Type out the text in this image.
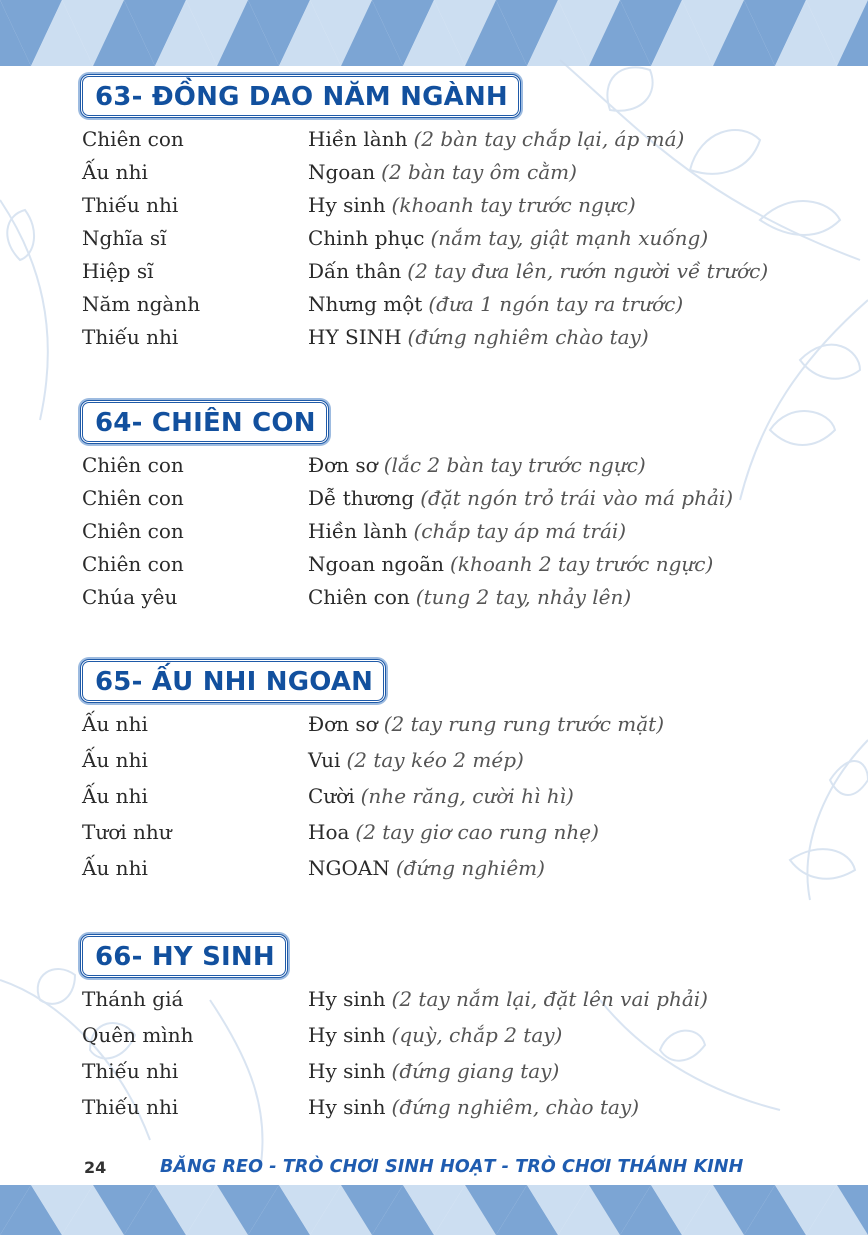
63- ĐỒNG DAO NĂM NGÀNH
Chiên con	Hiền lành (2 bàn tay chắp lại, áp má)
Ấu nhi	Ngoan (2 bàn tay ôm cằm)
Thiếu nhi	Hy sinh (khoanh tay trước ngực)
Nghĩa sĩ	Chinh phục (nắm tay, giật mạnh xuống)
Hiệp sĩ	Dấn thân (2 tay đưa lên, rướn người về trước)
Năm ngành	Nhưng một (đưa 1 ngón tay ra trước)
Thiếu nhi	HY SINH (đứng nghiêm chào tay)
64- CHIÊN CON
Chiên con	Đơn sơ (lắc 2 bàn tay trước ngực)
Chiên con	Dễ thương (đặt ngón trỏ trái vào má phải)
Chiên con	Hiền lành (chắp tay áp má trái)
Chiên con	Ngoan ngoãn (khoanh 2 tay trước ngực)
Chúa yêu	Chiên con (tung 2 tay, nhảy lên)
65- ẤU NHI NGOAN
Ấu nhi	Đơn sơ (2 tay rung rung trước mặt)
Ấu nhi	Vui (2 tay kéo 2 mép)
Ấu nhi	Cười (nhe răng, cười hì hì)
Tươi như	Hoa (2 tay giơ cao rung nhẹ)
Ấu nhi	NGOAN (đứng nghiêm)
66- HY SINH
Thánh giá	Hy sinh (2 tay nắm lại, đặt lên vai phải)
Quên mình	Hy sinh (quỳ, chắp 2 tay)
Thiếu nhi	Hy sinh (đứng giang tay)
Thiếu nhi	Hy sinh (đứng nghiêm, chào tay)
24	BĂNG REO - TRÒ CHƠI SINH HOẠT - TRÒ CHƠI THÁNH KINH
